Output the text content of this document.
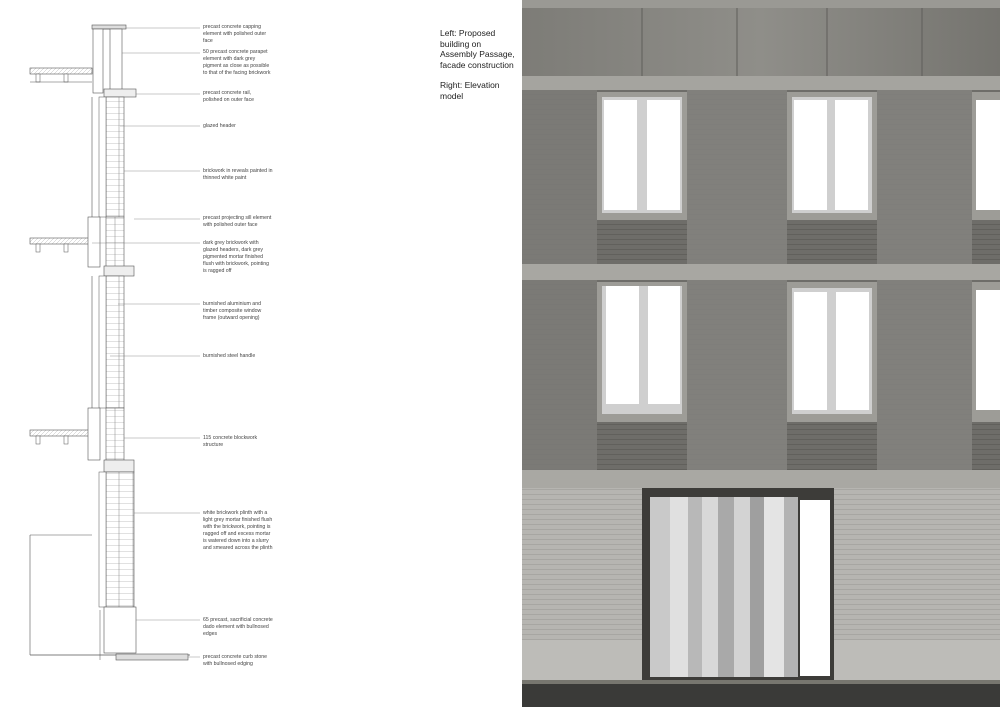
precast concrete capping
element with polished outer
face
50 precast concrete parapet
element with dark grey
pigment as close as possible
to that of the facing brickwork
precast concrete rail,
polished on outer face
glazed header
brickwork in reveals painted in
thinned white paint
precast projecting sill element
with polished outer face
dark grey brickwork with
glazed headers, dark grey
pigmented mortar finished
flush with brickwork, pointing
is ragged off
burnished aluminium and
timber composite window
frame (outward opening)
burnished steel handle
115 concrete blockwork
structure
white brickwork plinth with a
light grey mortar finished flush
with the brickwork, pointing is
ragged off and excess mortar
is watered down into a slurry
and smeared across the plinth
65 precast, sacrificial concrete
dado element with bullnosed
edges
precast concrete curb stone
with bullnosed edging

Left: Proposed
building on
Assembly Passage,
facade construction

Right: Elevation
model
